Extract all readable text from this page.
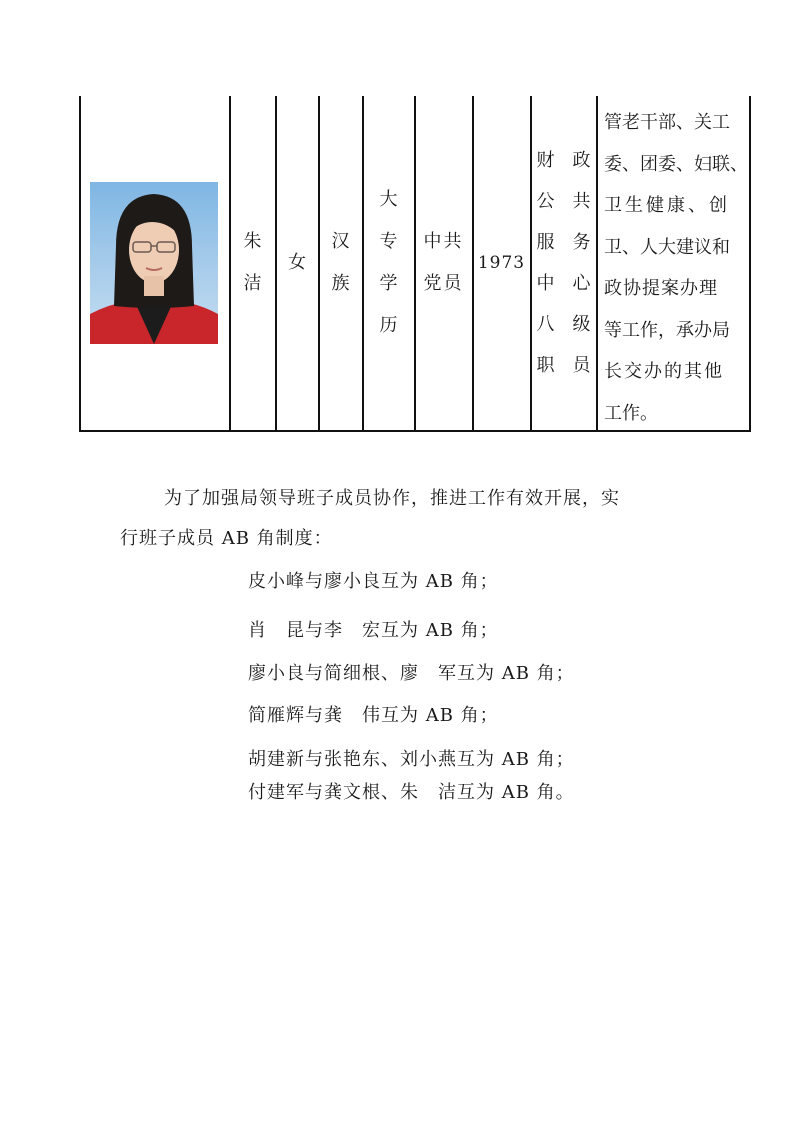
朱
洁
女
汉
族
大
专
学
历
中共
党员
1973
财政
公共
服务
中心
八级
职员
管老干部、关工
委、团委、妇联、
卫生健康、创
卫、人大建议和
政协提案办理
等工作，承办局
长交办的其他
工作。
为了加强局领导班子成员协作，推进工作有效开展，实
行班子成员 AB 角制度：
皮小峰与廖小良互为 AB 角；
肖　昆与李　宏互为 AB 角；
廖小良与简细根、廖　军互为 AB 角；
简雁辉与龚　伟互为 AB 角；
胡建新与张艳东、刘小燕互为 AB 角；
付建军与龚文根、朱　洁互为 AB 角。
